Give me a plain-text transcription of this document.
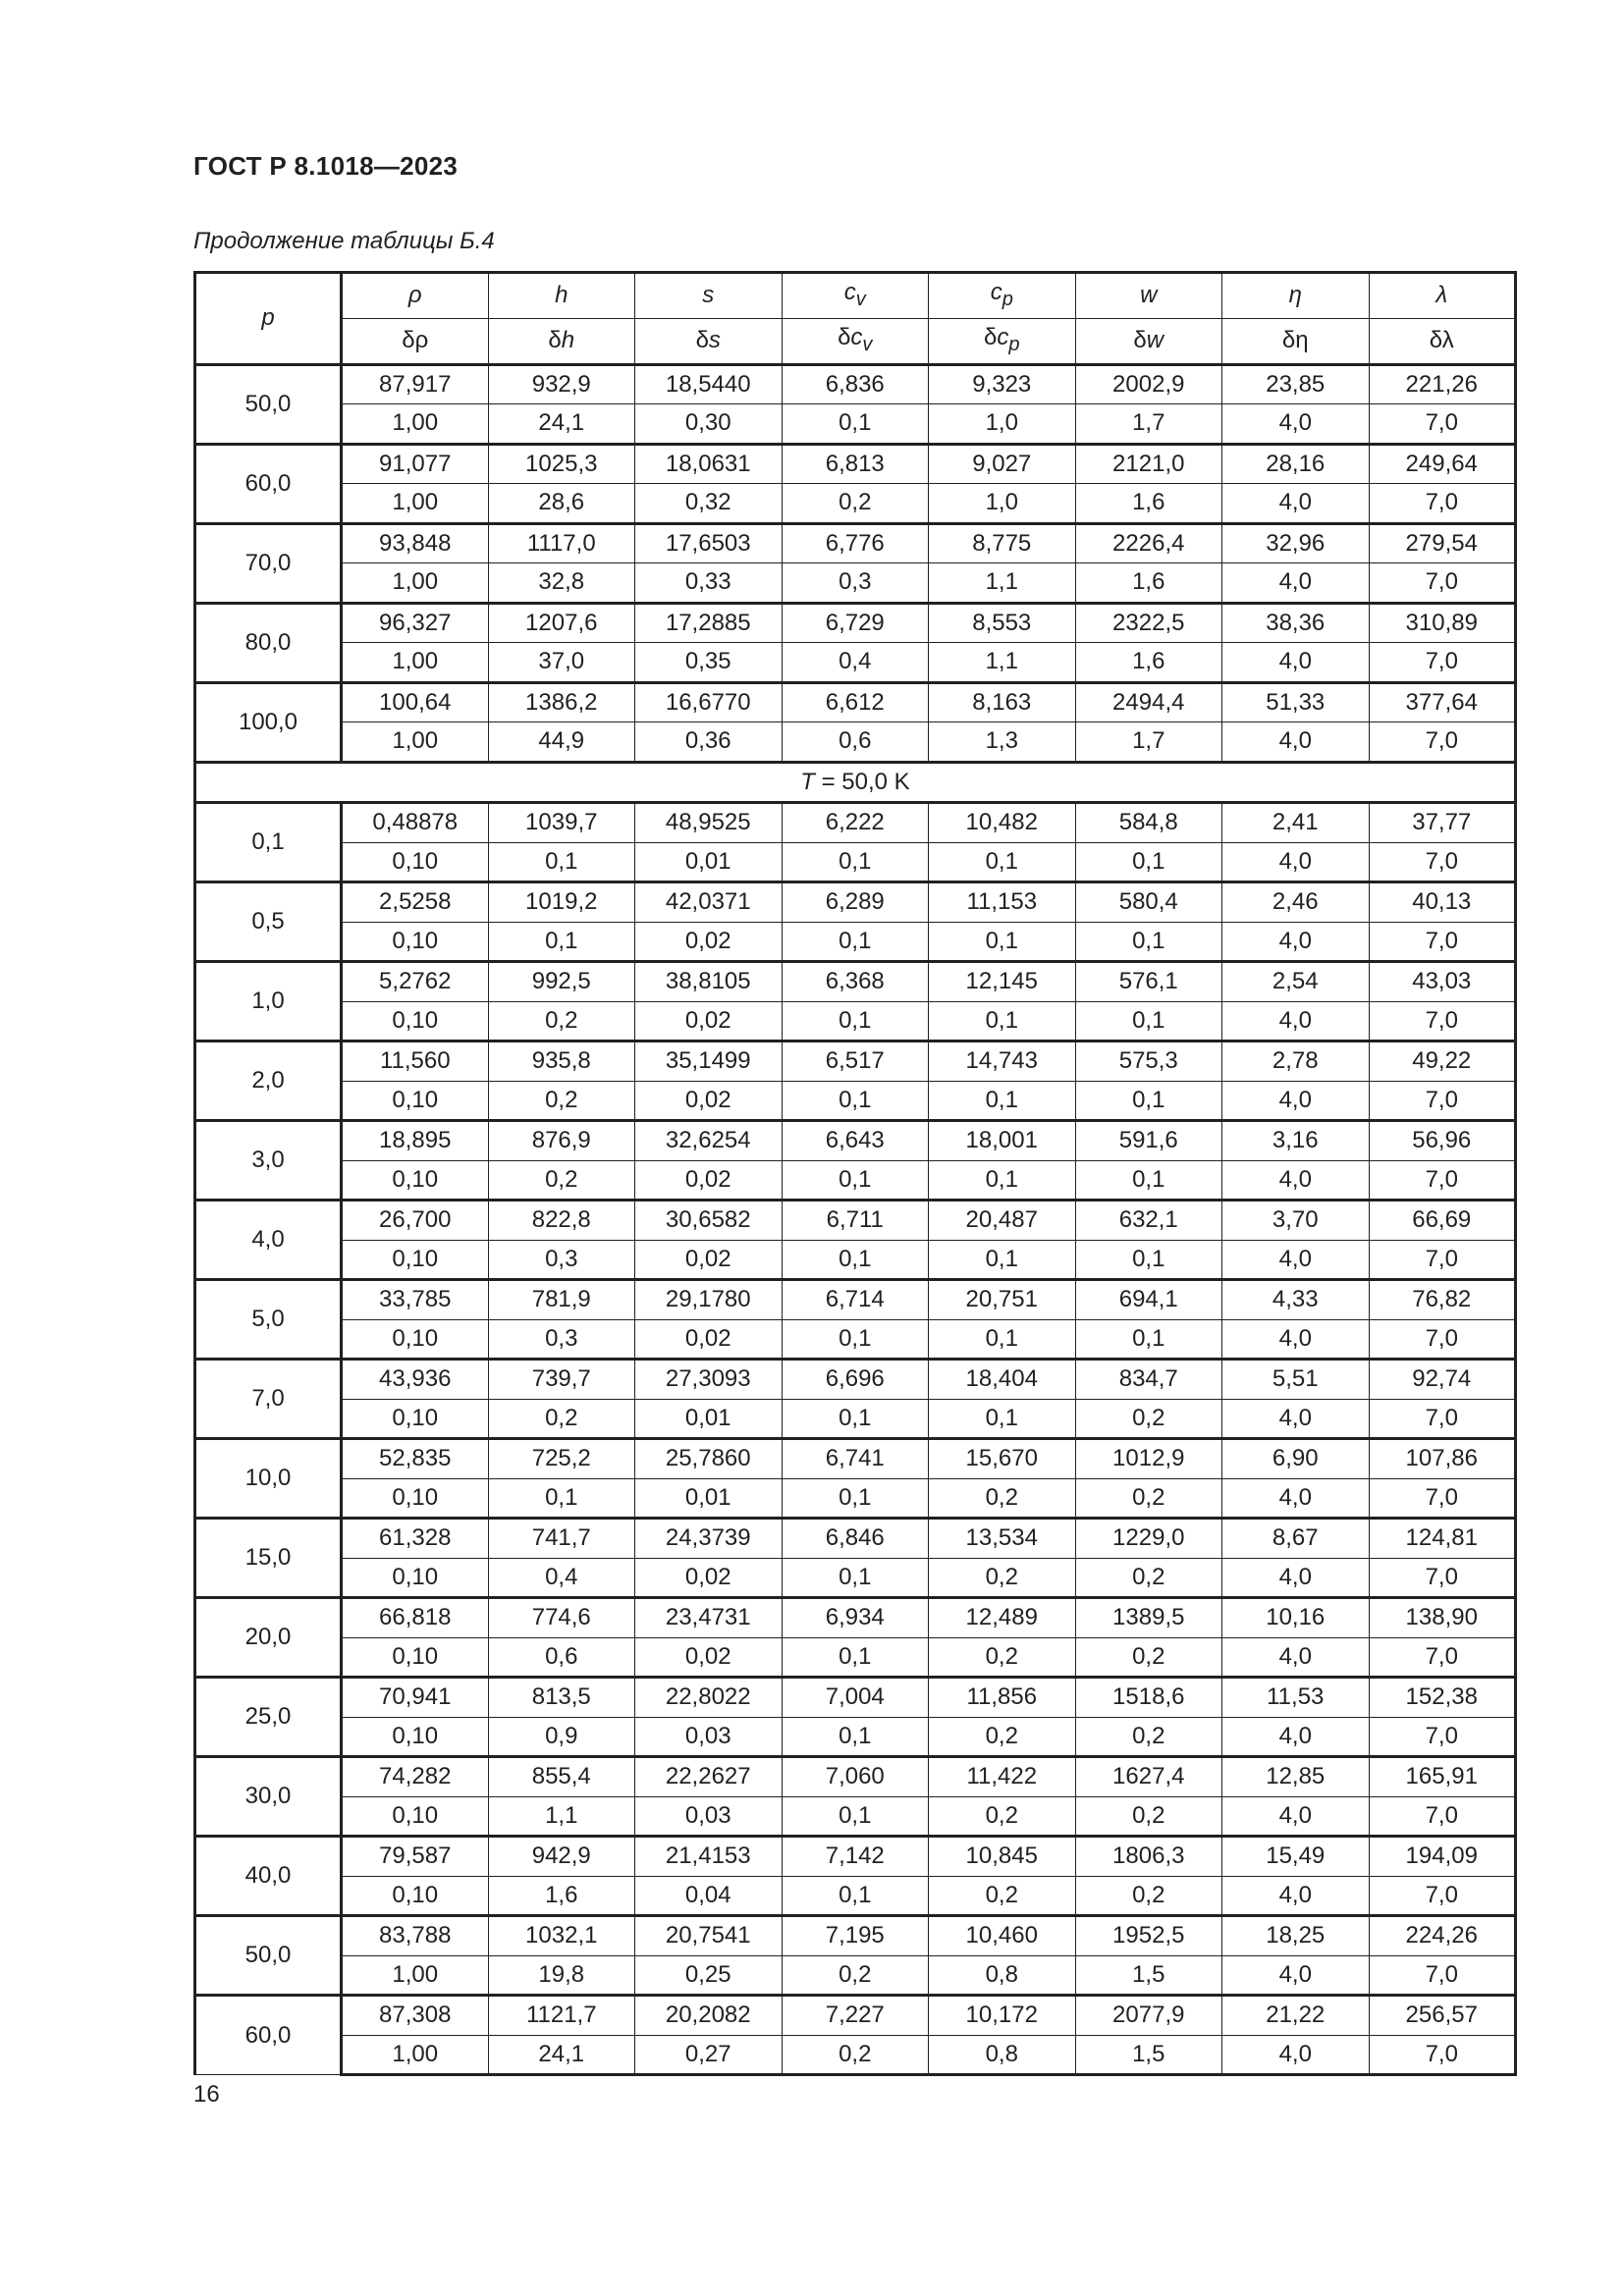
ГОСТ Р 8.1018—2023
Продолжение таблицы Б.4
p	ρ	h	s	$c_v$	$c_p$	w	η	λ
	δρ	δh	δs	$\delta c_v$	$\delta c_p$	δw	δη	δλ
50,0	87,917	932,9	18,5440	6,836	9,323	2002,9	23,85	221,26
	1,00	24,1	0,30	0,1	1,0	1,7	4,0	7,0
60,0	91,077	1025,3	18,0631	6,813	9,027	2121,0	28,16	249,64
	1,00	28,6	0,32	0,2	1,0	1,6	4,0	7,0
70,0	93,848	1117,0	17,6503	6,776	8,775	2226,4	32,96	279,54
	1,00	32,8	0,33	0,3	1,1	1,6	4,0	7,0
80,0	96,327	1207,6	17,2885	6,729	8,553	2322,5	38,36	310,89
	1,00	37,0	0,35	0,4	1,1	1,6	4,0	7,0
100,0	100,64	1386,2	16,6770	6,612	8,163	2494,4	51,33	377,64
	1,00	44,9	0,36	0,6	1,3	1,7	4,0	7,0
T = 50,0 K								
0,1	0,48878	1039,7	48,9525	6,222	10,482	584,8	2,41	37,77
	0,10	0,1	0,01	0,1	0,1	0,1	4,0	7,0
0,5	2,5258	1019,2	42,0371	6,289	11,153	580,4	2,46	40,13
	0,10	0,1	0,02	0,1	0,1	0,1	4,0	7,0
1,0	5,2762	992,5	38,8105	6,368	12,145	576,1	2,54	43,03
	0,10	0,2	0,02	0,1	0,1	0,1	4,0	7,0
2,0	11,560	935,8	35,1499	6,517	14,743	575,3	2,78	49,22
	0,10	0,2	0,02	0,1	0,1	0,1	4,0	7,0
3,0	18,895	876,9	32,6254	6,643	18,001	591,6	3,16	56,96
	0,10	0,2	0,02	0,1	0,1	0,1	4,0	7,0
4,0	26,700	822,8	30,6582	6,711	20,487	632,1	3,70	66,69
	0,10	0,3	0,02	0,1	0,1	0,1	4,0	7,0
5,0	33,785	781,9	29,1780	6,714	20,751	694,1	4,33	76,82
	0,10	0,3	0,02	0,1	0,1	0,1	4,0	7,0
7,0	43,936	739,7	27,3093	6,696	18,404	834,7	5,51	92,74
	0,10	0,2	0,01	0,1	0,1	0,2	4,0	7,0
10,0	52,835	725,2	25,7860	6,741	15,670	1012,9	6,90	107,86
	0,10	0,1	0,01	0,1	0,2	0,2	4,0	7,0
15,0	61,328	741,7	24,3739	6,846	13,534	1229,0	8,67	124,81
	0,10	0,4	0,02	0,1	0,2	0,2	4,0	7,0
20,0	66,818	774,6	23,4731	6,934	12,489	1389,5	10,16	138,90
	0,10	0,6	0,02	0,1	0,2	0,2	4,0	7,0
25,0	70,941	813,5	22,8022	7,004	11,856	1518,6	11,53	152,38
	0,10	0,9	0,03	0,1	0,2	0,2	4,0	7,0
30,0	74,282	855,4	22,2627	7,060	11,422	1627,4	12,85	165,91
	0,10	1,1	0,03	0,1	0,2	0,2	4,0	7,0
40,0	79,587	942,9	21,4153	7,142	10,845	1806,3	15,49	194,09
	0,10	1,6	0,04	0,1	0,2	0,2	4,0	7,0
50,0	83,788	1032,1	20,7541	7,195	10,460	1952,5	18,25	224,26
	1,00	19,8	0,25	0,2	0,8	1,5	4,0	7,0
60,0	87,308	1121,7	20,2082	7,227	10,172	2077,9	21,22	256,57
	1,00	24,1	0,27	0,2	0,8	1,5	4,0	7,0
16
